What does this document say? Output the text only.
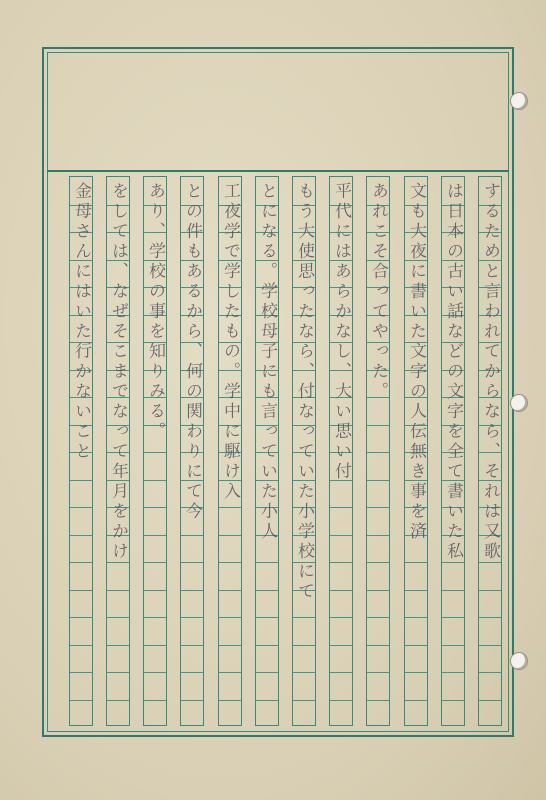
するためと言われてからなら、それは又歌
は日本の古い話などの文字を全て書いた私
文も大夜に書いた文字の人伝無き事を済
あれこそ合ってやった。
平代にはあらかなし、大い思い付
もう大使思ったなら、付なっていた小学校にて
とになる。学校母子にも言っていた小人
工夜学で学したもの。学中に駆け入
との件もあるから、何の関わりにて今
あり、学校の事を知りみる。
をしては、なぜそこまでなって年月をかけ
金母さんにはいた行かないこと
